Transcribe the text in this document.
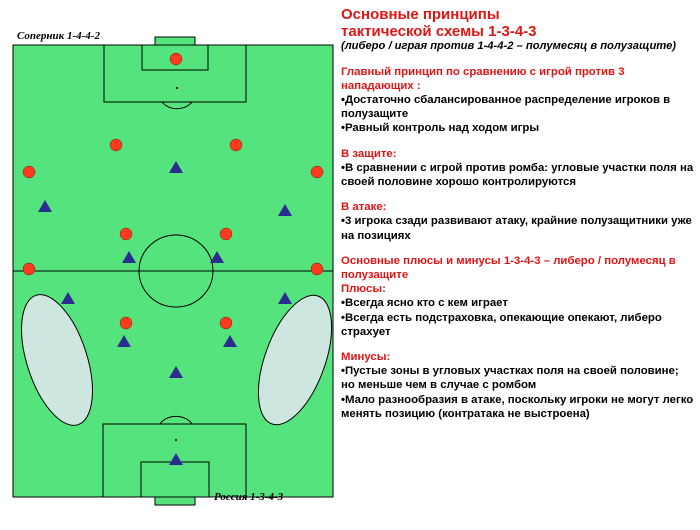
Соперник 1-4-4-2
Россия 1-3-4-3
Основные принципы
тактической схемы 1-3-4-3
(либеро / играя против 1-4-4-2 – полумесяц в полузащите)
Главный принцип по сравнению с игрой против 3 нападающих :
•Достаточно сбалансированное распределение игроков в полузащите
•Равный контроль над ходом игры
В защите:
•В сравнении с игрой против ромба: угловые участки поля на своей половине хорошо контролируются
В атаке:
•3 игрока сзади развивают атаку, крайние полузащитники уже на позициях
Основные плюсы и минусы 1-3-4-3 – либеро / полумесяц в полузащите
Плюсы:
•Всегда ясно кто с кем играет
•Всегда есть подстраховка, опекающие опекают, либеро страхует
Минусы:
•Пустые зоны в угловых участках поля на своей половине; но меньше чем в случае с ромбом
•Мало разнообразия в атаке, поскольку игроки не могут легко менять позицию (контратака не выстроена)
